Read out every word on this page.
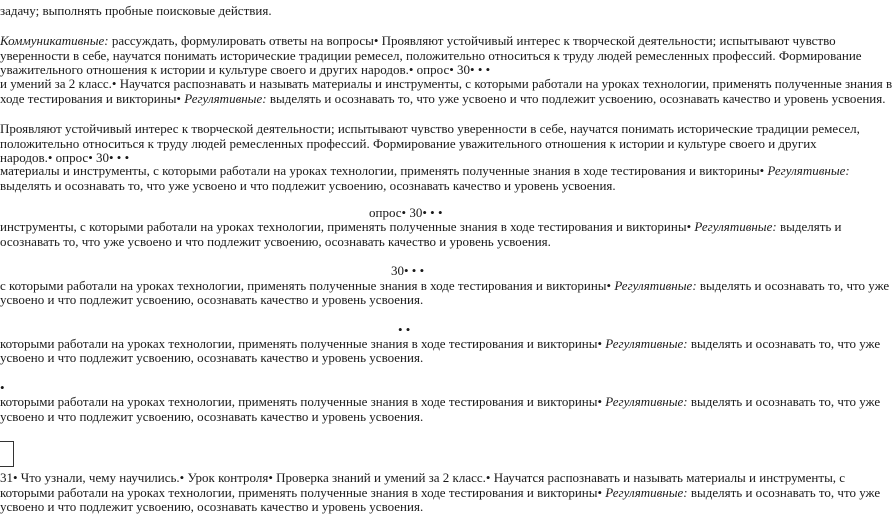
задачу; выполнять пробные поисковые действия.
Коммуникативные: рассуждать, формулировать ответы на вопросы• Проявляют устойчивый интерес к творческой деятельности; испытывают чувство
уверенности в себе, научатся понимать исторические традиции ремесел, положительно относиться к труду людей ремесленных профессий. Формирование
уважительного отношения к истории и культуре своего и других народов.• опрос• 30• • •
и умений за 2 класс.• Научатся распознавать и называть материалы и инструменты, с которыми работали на уроках технологии, применять полученные знания в
ходе тестирования и викторины• Регулятивные: выделять и осознавать то, что уже усвоено и что подлежит усвоению, осознавать качество и уровень усвоения.
Проявляют устойчивый интерес к творческой деятельности; испытывают чувство уверенности в себе, научатся понимать исторические традиции ремесел,
положительно относиться к труду людей ремесленных профессий. Формирование уважительного отношения к истории и культуре своего и других
народов.• опрос• 30• • •
материалы и инструменты, с которыми работали на уроках технологии, применять полученные знания в ходе тестирования и викторины• Регулятивные:
выделять и осознавать то, что уже усвоено и что подлежит усвоению, осознавать качество и уровень усвоения.
опрос• 30• • •
инструменты, с которыми работали на уроках технологии, применять полученные знания в ходе тестирования и викторины• Регулятивные: выделять и
осознавать то, что уже усвоено и что подлежит усвоению, осознавать качество и уровень усвоения.
30• • •
с которыми работали на уроках технологии, применять полученные знания в ходе тестирования и викторины• Регулятивные: выделять и осознавать то, что уже
усвоено и что подлежит усвоению, осознавать качество и уровень усвоения.
• •
которыми работали на уроках технологии, применять полученные знания в ходе тестирования и викторины• Регулятивные: выделять и осознавать то, что уже
усвоено и что подлежит усвоению, осознавать качество и уровень усвоения.
•
которыми работали на уроках технологии, применять полученные знания в ходе тестирования и викторины• Регулятивные: выделять и осознавать то, что уже
усвоено и что подлежит усвоению, осознавать качество и уровень усвоения.
31• Что узнали, чему научились.• Урок контроля• Проверка знаний и умений за 2 класс.• Научатся распознавать и называть материалы и инструменты, с
которыми работали на уроках технологии, применять полученные знания в ходе тестирования и викторины• Регулятивные: выделять и осознавать то, что уже
усвоено и что подлежит усвоению, осознавать качество и уровень усвоения.
